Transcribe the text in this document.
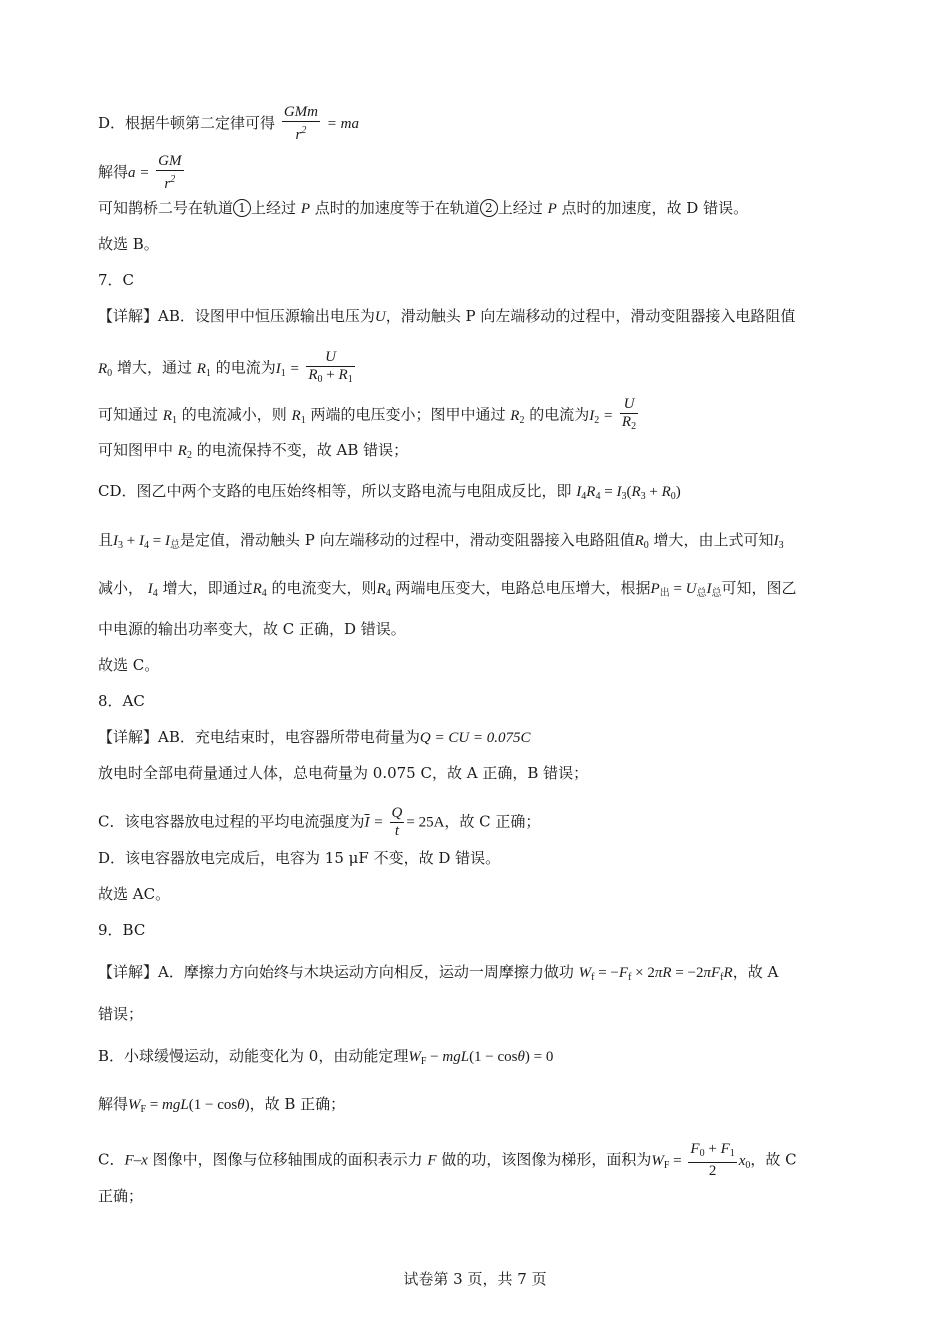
D．根据牛顿第二定律可得 $\frac{\text{GMm}}{r^2}$ = ma
解得$a = \frac{GM}{r^2}$
可知鹊桥二号在轨道 1 上经过 P 点时的加速度等于在轨道 2 上经过 P 点时的加速度，故 D 错误。
故选 B。
7．C
【详解】AB．设图甲中恒压源输出电压为U，滑动触头 P 向左端移动的过程中，滑动变阻器接入电路阻值
$R_0$ 增大，通过 $R_1$ 的电流为$I_1 = \frac{U}{R_0 + R_1}$
可知通过 $R_1$ 的电流减小，则 $R_1$ 两端的电压变小；图甲中通过 $R_2$ 的电流为$I_2 = \frac{U}{R_2}$
可知图甲中 $R_2$ 的电流保持不变，故 AB 错误；
CD．图乙中两个支路的电压始终相等，所以支路电流与电阻成反比，即 $I_4R_4 = I_3(R_3 + R_0)$
且$I_3 + I_4 = I_总$是定值，滑动触头 P 向左端移动的过程中，滑动变阻器接入电路阻值$R_0$ 增大，由上式可知$I_3$
减小， $I_4$ 增大，即通过$R_4$ 的电流变大，则$R_4$ 两端电压变大，电路总电压增大，根据$P_出 = U_总I_总$可知，图乙
中电源的输出功率变大，故 C 正确，D 错误。
故选 C。
8．AC
【详解】AB．充电结束时，电容器所带电荷量为Q = CU = 0.075C
放电时全部电荷量通过人体，总电荷量为 0.075 C，故 A 正确，B 错误；
C．该电容器放电过程的平均电流强度为$\overline{I} = \frac{Q}{t} = 25A$，故 C 正确；
D．该电容器放电完成后，电容为 15 μF 不变，故 D 错误。
故选 AC。
9．BC
【详解】A．摩擦力方向始终与木块运动方向相反，运动一周摩擦力做功 $W_f = -F_f \times 2\pi R = -2\pi F_fR$，故 A
错误；
B．小球缓慢运动，动能变化为 0，由动能定理$W_F - mgL(1 - \cos\theta) = 0$
解得$W_F = mgL(1 - \cos\theta)$，故 B 正确；
C．F–x 图像中，图像与位移轴围成的面积表示力 F 做的功，该图像为梯形，面积为$W_F = \frac{F_0 + F_1}{2} x_0$，故 C
正确；
试卷第 3 页，共 7 页
